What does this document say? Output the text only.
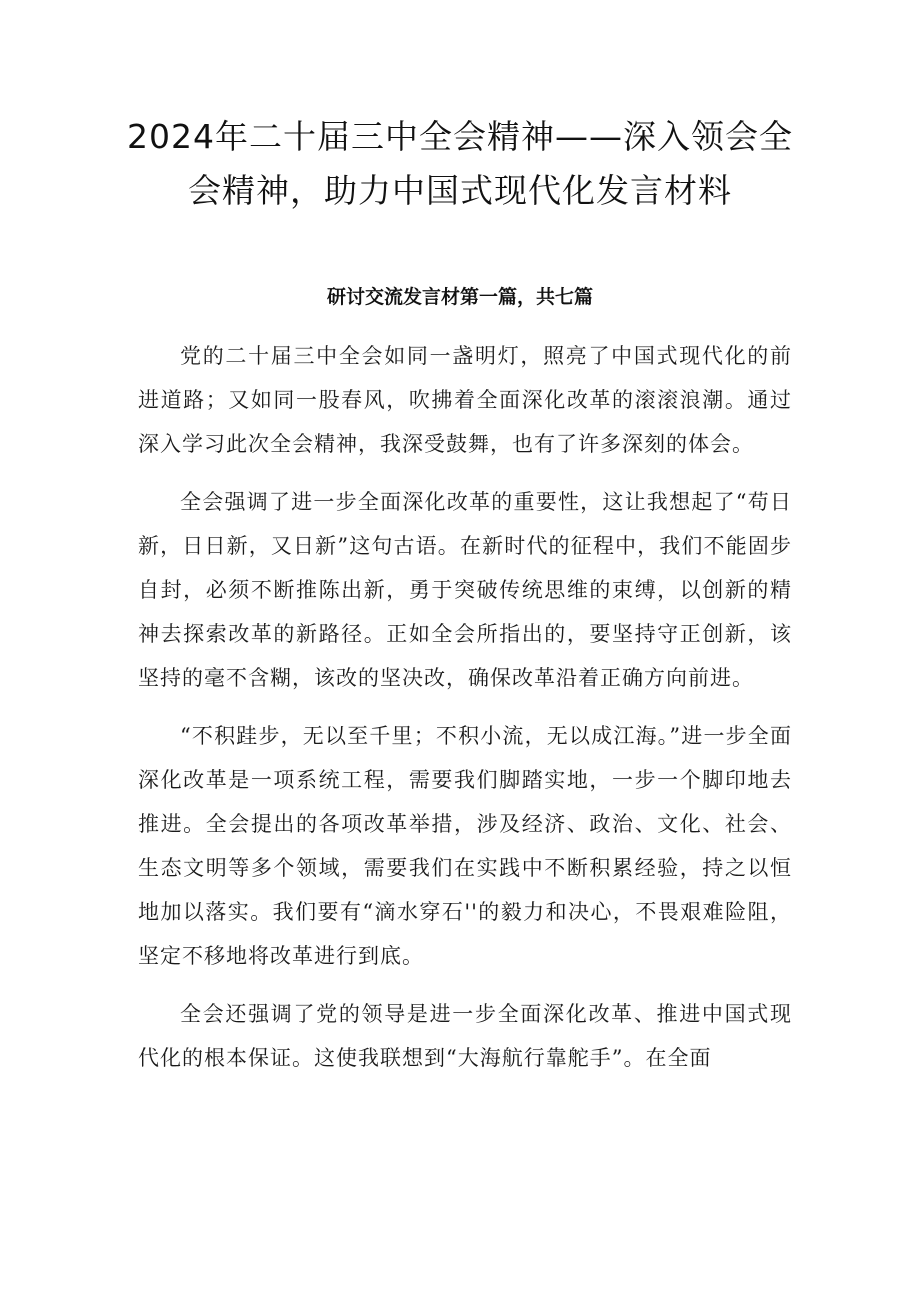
2024年二十届三中全会精神——深入领会全会精神，助力中国式现代化发言材料
研讨交流发言材第一篇，共七篇

党的二十届三中全会如同一盏明灯，照亮了中国式现代化的前进道路；又如同一股春风，吹拂着全面深化改革的滚滚浪潮。通过深入学习此次全会精神，我深受鼓舞，也有了许多深刻的体会。

全会强调了进一步全面深化改革的重要性，这让我想起了“苟日新，日日新，又日新”这句古语。在新时代的征程中，我们不能固步自封，必须不断推陈出新，勇于突破传统思维的束缚，以创新的精神去探索改革的新路径。正如全会所指出的，要坚持守正创新，该坚持的毫不含糊，该改的坚决改，确保改革沿着正确方向前进。

“不积跬步，无以至千里；不积小流，无以成江海。”进一步全面深化改革是一项系统工程，需要我们脚踏实地，一步一个脚印地去推进。全会提出的各项改革举措，涉及经济、政治、文化、社会、生态文明等多个领域，需要我们在实践中不断积累经验，持之以恒地加以落实。我们要有“滴水穿石''的毅力和决心，不畏艰难险阻，坚定不移地将改革进行到底。

全会还强调了党的领导是进一步全面深化改革、推进中国式现代化的根本保证。这使我联想到“大海航行靠舵手”。在全面
